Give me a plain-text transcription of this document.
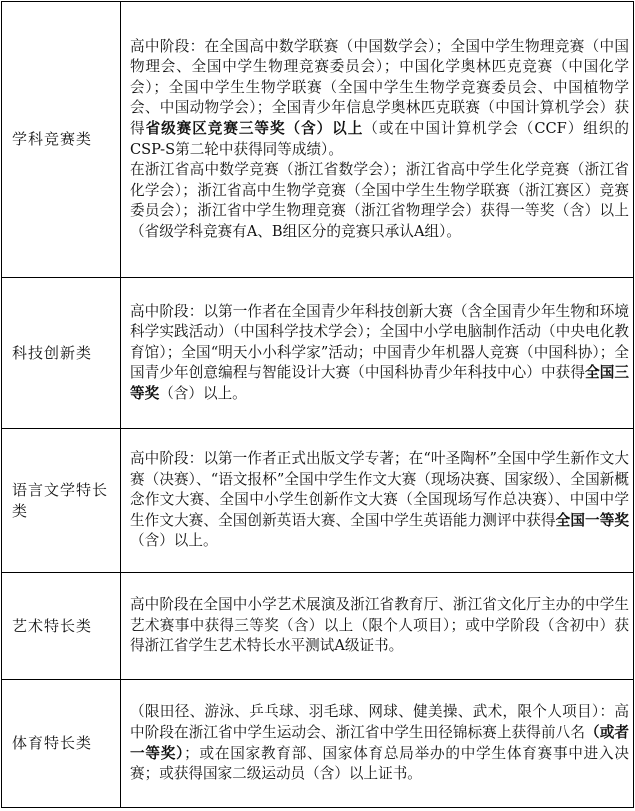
学科竞赛类	高中阶段：在全国高中数学联赛（中国数学会）；全国中学生物理竞赛（中国物理会、全国中学生物理竞赛委员会）；中国化学奥林匹克竞赛（中国化学会）；全国中学生生物学联赛（全国中学生生物学竞赛委员会、中国植物学会、中国动物学会）；全国青少年信息学奥林匹克联赛（中国计算机学会）获得省级赛区竞赛三等奖（含）以上（或在中国计算机学会（CCF）组织的CSP-S第二轮中获得同等成绩）。

在浙江省高中数学竞赛（浙江省数学会）；浙江省高中学生化学竞赛（浙江省化学会）；浙江省高中生物学竞赛（全国中学生生物学联赛（浙江赛区）竞赛委员会）；浙江省中学生物理竞赛（浙江省物理学会）获得一等奖（含）以上（省级学科竞赛有A、B组区分的竞赛只承认A组）。

科技创新类	高中阶段：以第一作者在全国青少年科技创新大赛（含全国青少年生物和环境科学实践活动）（中国科学技术学会）；全国中小学电脑制作活动（中央电化教育馆）；全国“明天小小科学家”活动；中国青少年机器人竞赛（中国科协）；全国青少年创意编程与智能设计大赛（中国科协青少年科技中心）中获得全国三等奖（含）以上。

语言文学特长类	高中阶段：以第一作者正式出版文学专著；在“叶圣陶杯”全国中学生新作文大赛（决赛）、“语文报杯”全国中学生作文大赛（现场决赛、国家级）、全国新概念作文大赛、全国中小学生创新作文大赛（全国现场写作总决赛）、中国中学生作文大赛、全国创新英语大赛、全国中学生英语能力测评中获得全国一等奖（含）以上。

艺术特长类	高中阶段在全国中小学艺术展演及浙江省教育厅、浙江省文化厅主办的中学生艺术赛事中获得三等奖（含）以上（限个人项目）；或中学阶段（含初中）获得浙江省学生艺术特长水平测试A级证书。

体育特长类	（限田径、游泳、乒乓球、羽毛球、网球、健美操、武术，限个人项目）：高中阶段在浙江省中学生运动会、浙江省中学生田径锦标赛上获得前八名（或者一等奖）；或在国家教育部、国家体育总局举办的中学生体育赛事中进入决赛；或获得国家二级运动员（含）以上证书。
